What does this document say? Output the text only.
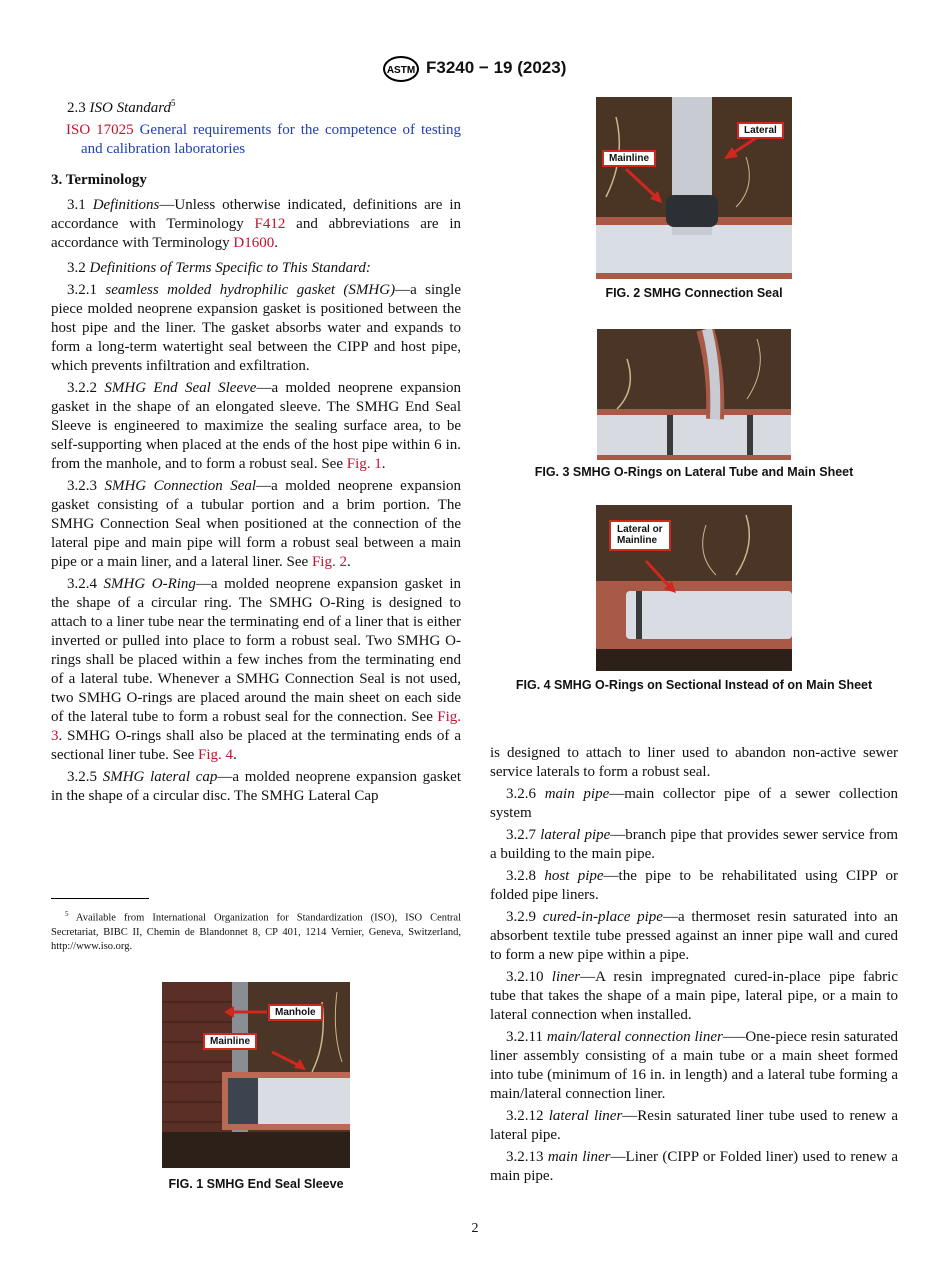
ASTM F3240 − 19 (2023)

2.3 ISO Standard$^5$

ISO 17025 General requirements for the competence of testing and calibration laboratories

3. Terminology

3.1 Definitions—Unless otherwise indicated, definitions are in accordance with Terminology F412 and abbreviations are in accordance with Terminology D1600.

3.2 Definitions of Terms Specific to This Standard:

3.2.1 seamless molded hydrophilic gasket (SMHG)—a single piece molded neoprene expansion gasket is positioned between the host pipe and the liner. The gasket absorbs water and expands to form a long-term watertight seal between the CIPP and host pipe, which prevents infiltration and exfiltration.

3.2.2 SMHG End Seal Sleeve—a molded neoprene expansion gasket in the shape of an elongated sleeve. The SMHG End Seal Sleeve is engineered to maximize the sealing surface area, to be self-supporting when placed at the ends of the host pipe within 6 in. from the manhole, and to form a robust seal. See Fig. 1.

3.2.3 SMHG Connection Seal—a molded neoprene expansion gasket consisting of a tubular portion and a brim portion. The SMHG Connection Seal when positioned at the connection of the lateral pipe and main pipe will form a robust seal between a main pipe or a main liner, and a lateral liner. See Fig. 2.

3.2.4 SMHG O-Ring—a molded neoprene expansion gasket in the shape of a circular ring. The SMHG O-Ring is designed to attach to a liner tube near the terminating end of a liner that is either inverted or pulled into place to form a robust seal. Two SMHG O-rings shall be placed within a few inches from the terminating end of a lateral tube. Whenever a SMHG Connection Seal is not used, two SMHG O-rings are placed around the main sheet on each side of the lateral tube to form a robust seal for the connection. See Fig. 3. SMHG O-rings shall also be placed at the terminating ends of a sectional liner tube. See Fig. 4.

3.2.5 SMHG lateral cap—a molded neoprene expansion gasket in the shape of a circular disc. The SMHG Lateral Cap

$^5$ Available from International Organization for Standardization (ISO), ISO Central Secretariat, BIBC II, Chemin de Blandonnet 8, CP 401, 1214 Vernier, Geneva, Switzerland, http://www.iso.org.
Manhole
Mainline
FIG. 1 SMHG End Seal Sleeve
Lateral
Mainline
FIG. 2 SMHG Connection Seal
FIG. 3 SMHG O-Rings on Lateral Tube and Main Sheet
Lateral or
Mainline
FIG. 4 SMHG O-Rings on Sectional Instead of on Main Sheet

is designed to attach to liner used to abandon non-active sewer service laterals to form a robust seal.

3.2.6 main pipe—main collector pipe of a sewer collection system

3.2.7 lateral pipe—branch pipe that provides sewer service from a building to the main pipe.

3.2.8 host pipe—the pipe to be rehabilitated using CIPP or folded pipe liners.

3.2.9 cured-in-place pipe—a thermoset resin saturated into an absorbent textile tube pressed against an inner pipe wall and cured to form a new pipe within a pipe.

3.2.10 liner—A resin impregnated cured-in-place pipe fabric tube that takes the shape of a main pipe, lateral pipe, or a main to lateral connection when installed.

3.2.11 main/lateral connection liner—–One-piece resin saturated liner assembly consisting of a main tube or a main sheet formed into tube (minimum of 16 in. in length) and a lateral tube forming a main/lateral connection liner.

3.2.12 lateral liner—Resin saturated liner tube used to renew a lateral pipe.

3.2.13 main liner—Liner (CIPP or Folded liner) used to renew a main pipe.

2
